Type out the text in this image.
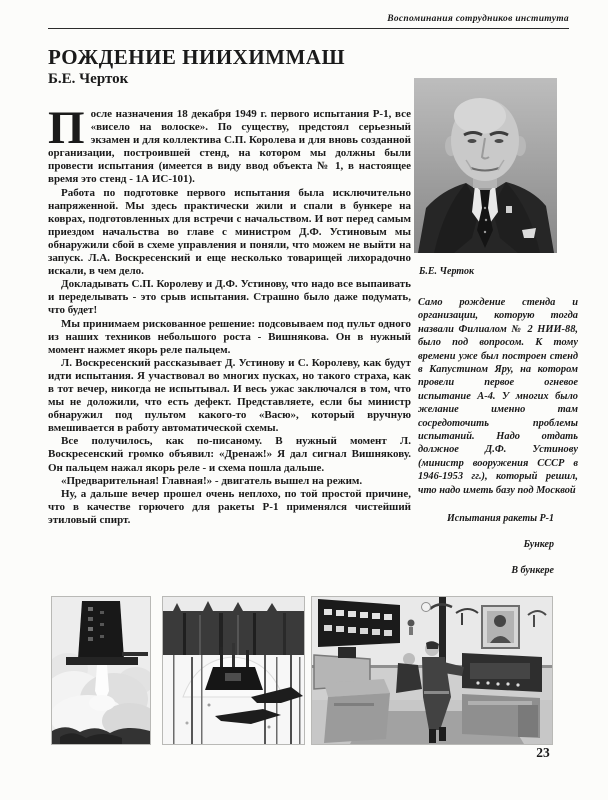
Воспоминания сотрудников института
РОЖДЕНИЕ НИИХИММАШ
Б.Е. Черток

После назначения 18 декабря 1949 г. первого испытания Р-1, все «висело на волоске». По существу, предстоял серьезный экзамен и для коллектива С.П. Королева и для вновь созданной организации, построившей стенд, на котором мы должны были провести испытания (имеется в виду ввод объекта № 1, в настоящее время это стенд - 1А ИС-101).

Работа по подготовке первого испытания была исключительно напряженной. Мы здесь практически жили и спали в бункере на коврах, подготовленных для встречи с начальством. И вот перед самым приездом начальства во главе с министром Д.Ф. Устиновым мы обнаружили сбой в схеме управления и поняли, что можем не выйти на запуск. Л.А. Воскресенский и еще несколько товарищей лихорадочно искали, в чем дело.

Докладывать С.П. Королеву и Д.Ф. Устинову, что надо все выпаивать и переделывать - это срыв испытания. Страшно было даже подумать, что будет!

Мы принимаем рискованное решение: подсовываем под пульт одного из наших техников небольшого роста - Вишнякова. Он в нужный момент нажмет якорь реле пальцем.

Л. Воскресенский рассказывает Д. Устинову и С. Королеву, как будут идти испытания. Я участвовал во многих пусках, но такого страха, как в тот вечер, никогда не испытывал. И весь ужас заключался в том, что мы не доложили, что есть дефект. Представляете, если бы министр обнаружил под пультом какого-то «Васю», который вручную вмешивается в работу автоматической схемы.

Все получилось, как по-писаному. В нужный момент Л. Воскресенский громко объявил: «Дренаж!» Я дал сигнал Вишнякову. Он пальцем нажал якорь реле - и схема пошла дальше.

«Предварительная! Главная!» - двигатель вышел на режим.

Ну, а дальше вечер прошел очень неплохо, по той простой причине, что в качестве горючего для ракеты Р-1 применялся чистейший этиловый спирт.

Б.Е. Черток
Само рождение стенда и организации, которую тогда назвали Филиалом № 2 НИИ-88, было под вопросом. К тому времени уже был построен стенд в Капустином Яру, на котором провели первое огневое испытание А-4. У многих было желание именно там сосредоточить проблемы испытаний. Надо отдать должное Д.Ф. Устинову (министр вооружения СССР в 1946-1953 гг.), который решил, что надо иметь базу под Москвой
Испытания ракеты Р-1
Бункер
В бункере
23
